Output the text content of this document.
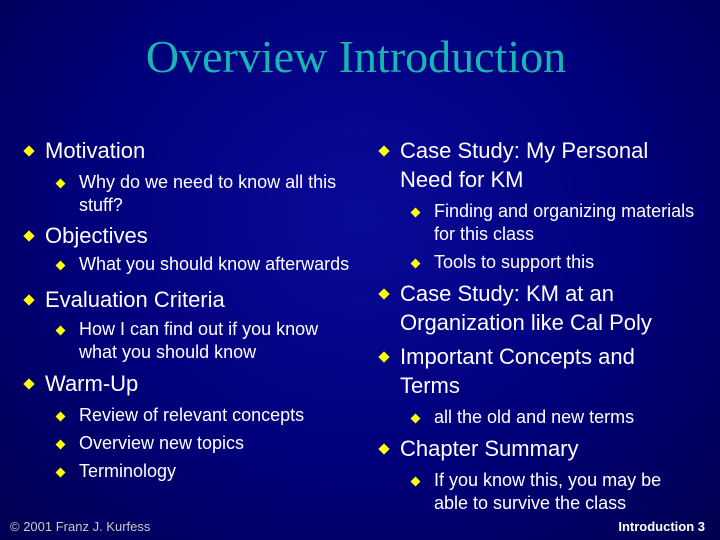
Overview Introduction
Motivation
Why do we need to know all this stuff?
Objectives
What you should know afterwards
Evaluation Criteria
How I can find out if you know what you should know
Warm-Up
Review of relevant concepts
Overview new topics
Terminology
Case Study: My Personal Need for KM
Finding and organizing materials for this class
Tools to support this
Case Study: KM at an Organization like Cal Poly
Important Concepts and Terms
all the old and new terms
Chapter Summary
If you know this, you may be able to survive the class
© 2001 Franz J. Kurfess	Introduction 3
